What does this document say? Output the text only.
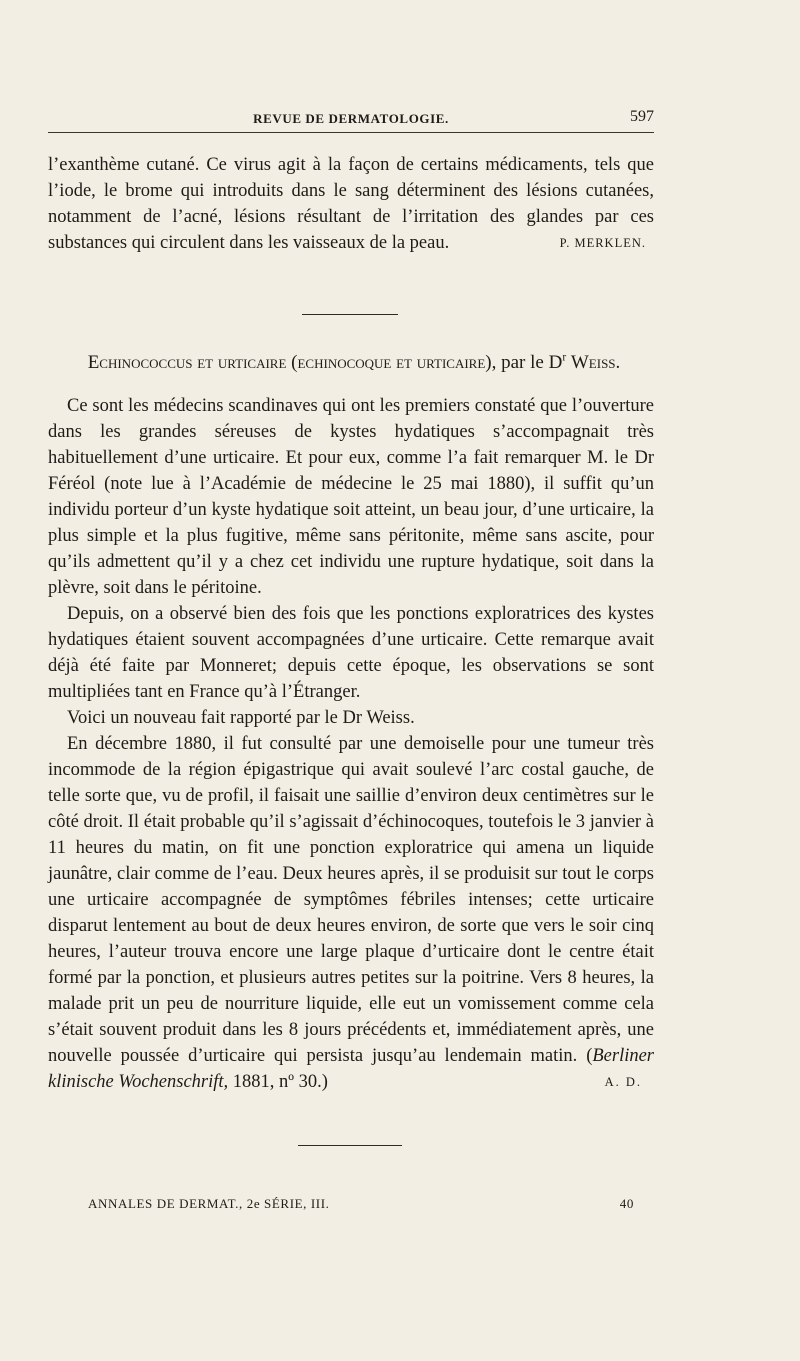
REVUE DE DERMATOLOGIE.	597

l’exanthème cutané. Ce virus agit à la façon de certains médicaments, tels que l’iode, le brome qui introduits dans le sang déterminent des lésions cutanées, notamment de l’acné, lésions résultant de l’irritation des glandes par ces substances qui circulent dans les vaisseaux de la peau.	P. MERKLEN.

Echinococcus et urticaire (echinocoque et urticaire), par le $D^r$ Weiss.

Ce sont les médecins scandinaves qui ont les premiers constaté que l’ouverture dans les grandes séreuses de kystes hydatiques s’accompagnait très habituellement d’une urticaire. Et pour eux, comme l’a fait remarquer M. le Dr Féréol (note lue à l’Académie de médecine le 25 mai 1880), il suffit qu’un individu porteur d’un kyste hydatique soit atteint, un beau jour, d’une urticaire, la plus simple et la plus fugitive, même sans péritonite, même sans ascite, pour qu’ils admettent qu’il y a chez cet individu une rupture hydatique, soit dans la plèvre, soit dans le péritoine.

Depuis, on a observé bien des fois que les ponctions exploratrices des kystes hydatiques étaient souvent accompagnées d’une urticaire. Cette remarque avait déjà été faite par Monneret; depuis cette époque, les observations se sont multipliées tant en France qu’à l’Étranger.

Voici un nouveau fait rapporté par le Dr Weiss.

En décembre 1880, il fut consulté par une demoiselle pour une tumeur très incommode de la région épigastrique qui avait soulevé l’arc costal gauche, de telle sorte que, vu de profil, il faisait une saillie d’environ deux centimètres sur le côté droit. Il était probable qu’il s’agissait d’échinocoques, toutefois le 3 janvier à 11 heures du matin, on fit une ponction exploratrice qui amena un liquide jaunâtre, clair comme de l’eau. Deux heures après, il se produisit sur tout le corps une urticaire accompagnée de symptômes fébriles intenses; cette urticaire disparut lentement au bout de deux heures environ, de sorte que vers le soir cinq heures, l’auteur trouva encore une large plaque d’urticaire dont le centre était formé par la ponction, et plusieurs autres petites sur la poitrine. Vers 8 heures, la malade prit un peu de nourriture liquide, elle eut un vomissement comme cela s’était souvent produit dans les 8 jours précédents et, immédiatement après, une nouvelle poussée d’urticaire qui persista jusqu’au lendemain matin. (Berliner klinische Wochenschrift, 1881, nº 30.)	A. D.

ANNALES DE DERMAT., 2e SÉRIE, III.	40
